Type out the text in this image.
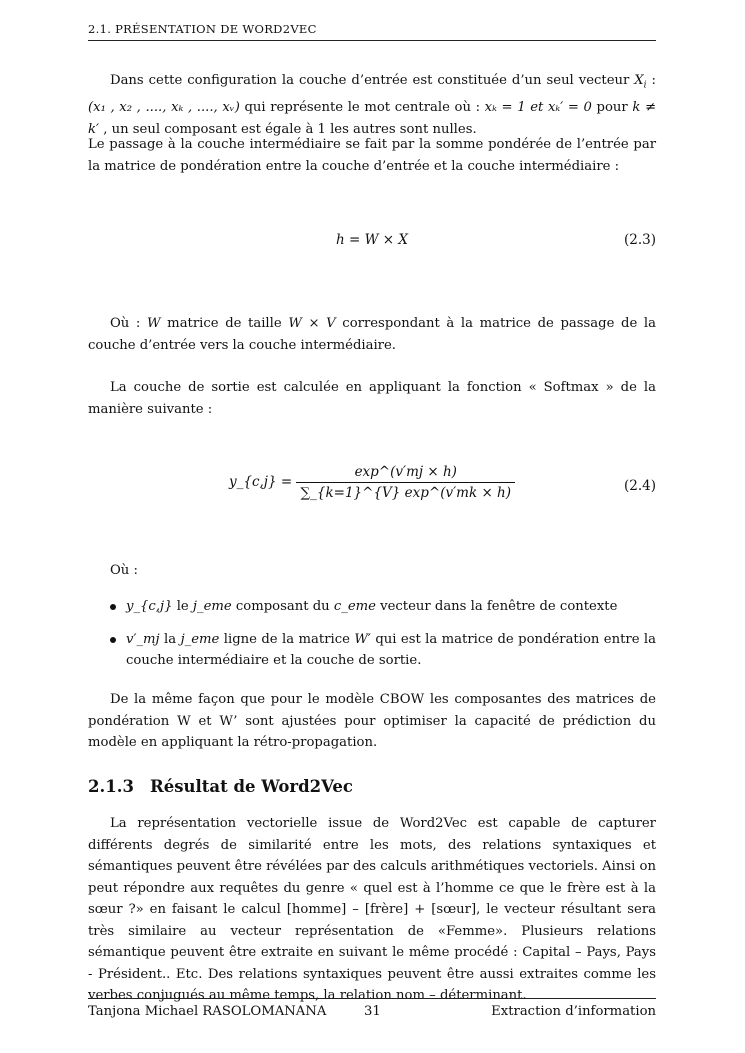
2.1. PRÉSENTATION DE WORD2VEC
Dans cette configuration la couche d’entrée est constituée d’un seul vecteur $X_i$ : (x₁ , x₂ , ...., xₖ , ...., xᵥ) qui représente le mot centrale où : xₖ = 1 et xₖ′ = 0 pour k ≠ k′ , un seul composant est égale à 1 les autres sont nulles.
Le passage à la couche intermédiaire se fait par la somme pondérée de l’entrée par la matrice de pondération entre la couche d’entrée et la couche intermédiaire :
h = W × X	(2.3)
Où : W matrice de taille W × V correspondant à la matrice de passage de la couche d’entrée vers la couche intermédiaire.
La couche de sortie est calculée en appliquant la fonction « Softmax » de la manière suivante :
y_{c,j} = $\frac{\exp\^{}(v'mj \times h)}{\sum\_\{k=1\}\^{}\{V\} \exp\^{}(v'mk \times h)}$	(2.4)
Où :
y_{c,j} le j_eme composant du c_eme vecteur dans la fenêtre de contexte
v′_mj la j_eme ligne de la matrice W′ qui est la matrice de pondération entre la couche intermédiaire et la couche de sortie.
De la même façon que pour le modèle CBOW les composantes des matrices de pondération W et W’ sont ajustées pour optimiser la capacité de prédiction du modèle en appliquant la rétro-propagation.
2.1.3 Résultat de Word2Vec
La représentation vectorielle issue de Word2Vec est capable de capturer différents degrés de similarité entre les mots, des relations syntaxiques et sémantiques peuvent être révélées par des calculs arithmétiques vectoriels. Ainsi on peut répondre aux requêtes du genre « quel est à l’homme ce que le frère est à la sœur ?» en faisant le calcul [homme] – [frère] + [sœur], le vecteur résultant sera très similaire au vecteur représentation de «Femme». Plusieurs relations sémantique peuvent être extraite en suivant le même procédé : Capital – Pays, Pays - Président.. Etc. Des relations syntaxiques peuvent être aussi extraites comme les verbes conjugués au même temps, la relation nom – déterminant.
Tanjona Michael RASOLOMANANA	31	Extraction d’information
